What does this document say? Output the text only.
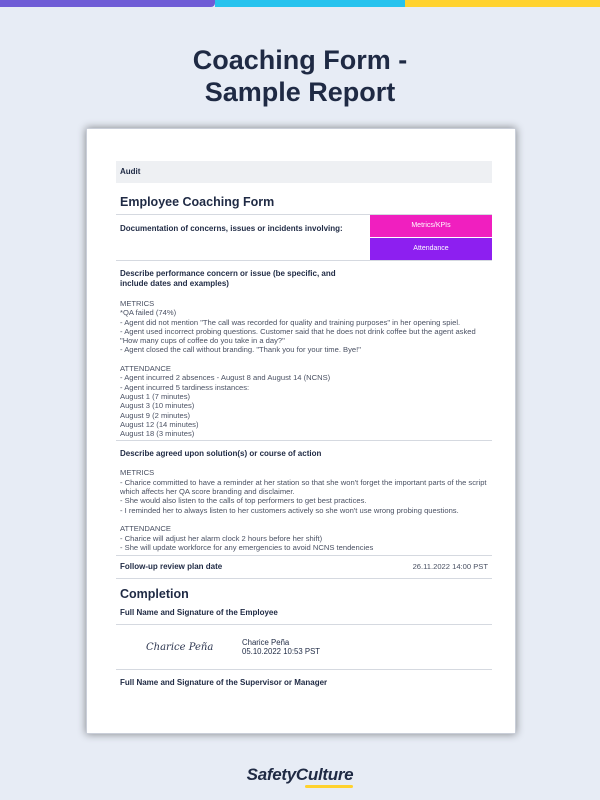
Coaching Form -
Sample Report
Audit
Employee Coaching Form
Documentation of concerns, issues or incidents involving:	Metrics/KPIs
Attendance
Describe performance concern or issue (be specific, and include dates and examples)
METRICS
*QA failed (74%)
- Agent did not mention "The call was recorded for quality and training purposes" in her opening spiel.
- Agent used incorrect probing questions. Customer said that he does not drink coffee but the agent asked "How many cups of coffee do you take in a day?"
- Agent closed the call without branding. "Thank you for your time. Bye!"

ATTENDANCE
- Agent incurred 2 absences - August 8 and August 14 (NCNS)
- Agent incurred 5 tardiness instances:
August 1 (7 minutes)
August 3 (10 minutes)
August 9 (2 minutes)
August 12 (14 minutes)
August 18 (3 minutes)
Describe agreed upon solution(s) or course of action
METRICS
- Charice committed to have a reminder at her station so that she won't forget the important parts of the script which affects her QA score branding and disclaimer.
- She would also listen to the calls of top performers to get best practices.
- I reminded her to always listen to her customers actively so she won't use wrong probing questions.

ATTENDANCE
- Charice will adjust her alarm clock 2 hours before her shift)
- She will update workforce for any emergencies to avoid NCNS tendencies
Follow-up review plan date	26.11.2022 14:00 PST
Completion
Full Name and Signature of the Employee
Charice Peña	Charice Peña
05.10.2022 10:53 PST
Full Name and Signature of the Supervisor or Manager
SafetyCulture
